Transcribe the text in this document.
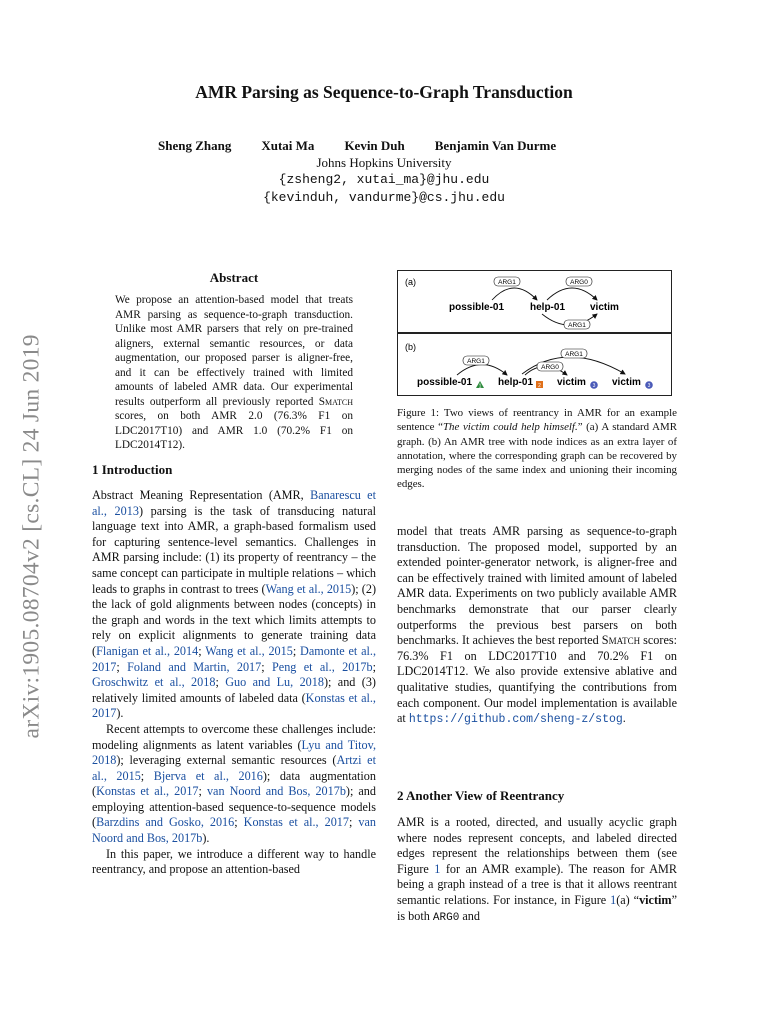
arXiv:1905.08704v2 [cs.CL] 24 Jun 2019
AMR Parsing as Sequence-to-Graph Transduction
Sheng Zhang Xutai Ma Kevin Duh Benjamin Van Durme
Johns Hopkins University
{zsheng2, xutai_ma}@jhu.edu
{kevinduh, vandurme}@cs.jhu.edu
Abstract
We propose an attention-based model that treats AMR parsing as sequence-to-graph transduction. Unlike most AMR parsers that rely on pre-trained aligners, external semantic resources, or data augmentation, our proposed parser is aligner-free, and it can be effectively trained with limited amounts of labeled AMR data. Our experimental results outperform all previously reported Smatch scores, on both AMR 2.0 (76.3% F1 on LDC2017T10) and AMR 1.0 (70.2% F1 on LDC2014T12).
1 Introduction

Abstract Meaning Representation (AMR, Banarescu et al., 2013) parsing is the task of transducing natural language text into AMR, a graph-based formalism used for capturing sentence-level semantics. Challenges in AMR parsing include: (1) its property of reentrancy – the same concept can participate in multiple relations – which leads to graphs in contrast to trees (Wang et al., 2015); (2) the lack of gold alignments between nodes (concepts) in the graph and words in the text which limits attempts to rely on explicit alignments to generate training data (Flanigan et al., 2014; Wang et al., 2015; Damonte et al., 2017; Foland and Martin, 2017; Peng et al., 2017b; Groschwitz et al., 2018; Guo and Lu, 2018); and (3) relatively limited amounts of labeled data (Konstas et al., 2017).

Recent attempts to overcome these challenges include: modeling alignments as latent variables (Lyu and Titov, 2018); leveraging external semantic resources (Artzi et al., 2015; Bjerva et al., 2016); data augmentation (Konstas et al., 2017; van Noord and Bos, 2017b); and employing attention-based sequence-to-sequence models (Barzdins and Gosko, 2016; Konstas et al., 2017; van Noord and Bos, 2017b).

In this paper, we introduce a different way to handle reentrancy, and propose an attention-based

(a)
(b)
possible-01	help-01 victim
ARG1	ARG0
ARG1
possible-01 1 help-01 2 victim 3 victim 3
ARG1
ARG1
ARG0
Figure 1: Two views of reentrancy in AMR for an example sentence “The victim could help himself.” (a) A standard AMR graph. (b) An AMR tree with node indices as an extra layer of annotation, where the corresponding graph can be recovered by merging nodes of the same index and unioning their incoming edges.
model that treats AMR parsing as sequence-to-graph transduction. The proposed model, supported by an extended pointer-generator network, is aligner-free and can be effectively trained with limited amount of labeled AMR data. Experiments on two publicly available AMR benchmarks demonstrate that our parser clearly outperforms the previous best parsers on both benchmarks. It achieves the best reported Smatch scores: 76.3% F1 on LDC2017T10 and 70.2% F1 on LDC2014T12. We also provide extensive ablative and qualitative studies, quantifying the contributions from each component. Our model implementation is available at https://github.com/sheng-z/stog.
2 Another View of Reentrancy
AMR is a rooted, directed, and usually acyclic graph where nodes represent concepts, and labeled directed edges represent the relationships between them (see Figure 1 for an AMR example). The reason for AMR being a graph instead of a tree is that it allows reentrant semantic relations. For instance, in Figure 1(a) “victim” is both ARG0 and
